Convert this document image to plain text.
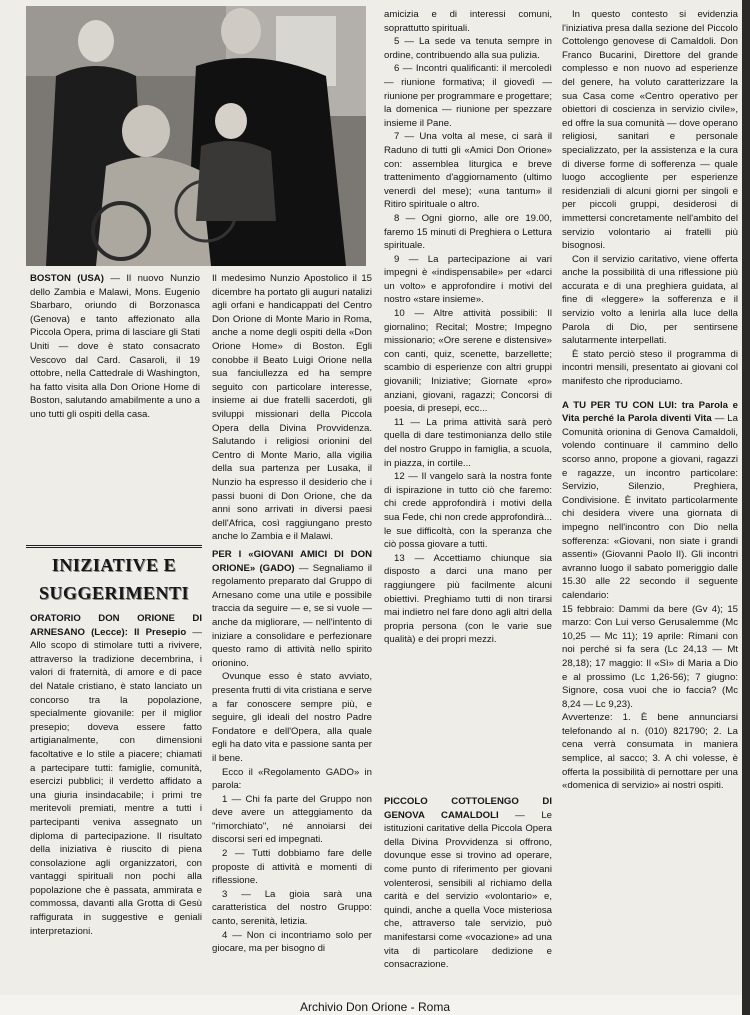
BOSTON (USA) — Il nuovo Nunzio dello Zambia e Malawi, Mons. Eugenio Sbarbaro, oriundo di Borzonasca (Genova) e tanto affezionato alla Piccola Opera, prima di lasciare gli Stati Uniti — dove è stato consacrato Vescovo dal Card. Casaroli, il 19 ottobre, nella Cattedrale di Washington, ha fatto visita alla Don Orione Home di Boston, salutando amabilmente a uno a uno tutti gli ospiti della casa.

Il medesimo Nunzio Apostolico il 15 dicembre ha portato gli auguri natalizi agli orfani e handicappati del Centro Don Orione di Monte Mario in Roma, anche a nome degli ospiti della «Don Orione Home» di Boston. Egli conobbe il Beato Luigi Orione nella sua fanciullezza ed ha sempre seguito con particolare interesse, insieme ai due fratelli sacerdoti, gli sviluppi missionari della Piccola Opera della Divina Provvidenza. Salutando i religiosi orionini del Centro di Monte Mario, alla vigilia della sua partenza per Lusaka, il Nunzio ha espresso il desiderio che i passi buoni di Don Orione, che da anni sono arrivati in diversi paesi dell'Africa, così raggiungano presto anche lo Zambia e il Malawi.

INIZIATIVE E
SUGGERIMENTI

ORATORIO DON ORIONE DI ARNESANO (Lecce): Il Presepio — Allo scopo di stimolare tutti a rivivere, attraverso la tradizione decembrina, i valori di fraternità, di amore e di pace del Natale cristiano, è stato lanciato un concorso tra la popolazione, specialmente giovanile: per il miglior presepio; doveva essere fatto artigianalmente, con dimensioni facoltative e lo stile a piacere; chiamati a partecipare tutti: famiglie, comunità, esercizi pubblici; il verdetto affidato a una giuria insindacabile; i primi tre meritevoli premiati, mentre a tutti i partecipanti veniva assegnato un diploma di partecipazione. Il risultato della iniziativa è riuscito di piena consolazione agli organizzatori, con vantaggi spirituali non pochi alla popolazione che è passata, ammirata e commossa, davanti alla Grotta di Gesù raffigurata in suggestive e geniali interpretazioni.

PER I «GIOVANI AMICI DI DON ORIONE» (GADO) — Segnaliamo il regolamento preparato dal Gruppo di Arnesano come una utile e possibile traccia da seguire — e, se si vuole — anche da migliorare, — nell'intento di iniziare a consolidare e perfezionare questo ramo di attività nello spirito orionino.

Ovunque esso è stato avviato, presenta frutti di vita cristiana e serve a far conoscere sempre più, e seguire, gli ideali del nostro Padre Fondatore e dell'Opera, alla quale egli ha dato vita e passione santa per il bene.

Ecco il «Regolamento GADO» in parola:

1 — Chi fa parte del Gruppo non deve avere un atteggiamento da "rimorchiato", né annoiarsi dei discorsi seri ed impegnati.

2 — Tutti dobbiamo fare delle proposte di attività e momenti di riflessione.

3 — La gioia sarà una caratteristica del nostro Gruppo: canto, serenità, letizia.

4 — Non ci incontriamo solo per giocare, ma per bisogno di

amicizia e di interessi comuni, soprattutto spirituali.

5 — La sede va tenuta sempre in ordine, contribuendo alla sua pulizia.

6 — Incontri qualificanti: il mercoledì — riunione formativa; il giovedì — riunione per programmare e progettare; la domenica — riunione per spezzare insieme il Pane.

7 — Una volta al mese, ci sarà il Raduno di tutti gli «Amici Don Orione» con: assemblea liturgica e breve trattenimento d'aggiornamento (ultimo venerdì del mese); «una tantum» il Ritiro spirituale o altro.

8 — Ogni giorno, alle ore 19.00, faremo 15 minuti di Preghiera o Lettura spirituale.

9 — La partecipazione ai vari impegni è «indispensabile» per «darci un volto» e approfondire i motivi del nostro «stare insieme».

10 — Altre attività possibili: Il giornalino; Recital; Mostre; Impegno missionario; «Ore serene e distensive» con canti, quiz, scenette, barzellette; scambio di esperienze con altri gruppi giovanili; Iniziative; Giornate «pro» anziani, giovani, ragazzi; Concorsi di poesia, di presepi, ecc...

11 — La prima attività sarà però quella di dare testimonianza dello stile del nostro Gruppo in famiglia, a scuola, in piazza, in cortile...

12 — Il vangelo sarà la nostra fonte di ispirazione in tutto ciò che faremo: chi crede approfondirà i motivi della sua Fede, chi non crede approfondirà... le sue difficoltà, con la speranza che ciò possa giovare a tutti.

13 — Accettiamo chiunque sia disposto a darci una mano per raggiungere più facilmente alcuni obiettivi. Preghiamo tutti di non tirarsi mai indietro nel fare dono agli altri della propria persona (con le varie sue qualità) e dei propri mezzi.

PICCOLO COTTOLENGO DI GENOVA CAMALDOLI — Le istituzioni caritative della Piccola Opera della Divina Provvidenza si offrono, dovunque esse si trovino ad operare, come punto di riferimento per giovani volenterosi, sensibili al richiamo della carità e del servizio «volontario» e, quindi, anche a quella Voce misteriosa che, attraverso tale servizio, può manifestarsi come «vocazione» ad una vita di particolare dedizione e consacrazione.

In questo contesto si evidenzia l'iniziativa presa dalla sezione del Piccolo Cottolengo genovese di Camaldoli. Don Franco Bucarini, Direttore del grande complesso e non nuovo ad esperienze del genere, ha voluto caratterizzare la sua Casa come «Centro operativo per obiettori di coscienza in servizio civile», ed offre la sua comunità — dove operano religiosi, sanitari e personale specializzato, per la assistenza e la cura di diverse forme di sofferenza — quale luogo accogliente per esperienze residenziali di alcuni giorni per singoli e per piccoli gruppi, desiderosi di immettersi concretamente nell'ambito del servizio volontario ai fratelli più bisognosi.

Con il servizio caritativo, viene offerta anche la possibilità di una riflessione più accurata e di una preghiera guidata, al fine di «leggere» la sofferenza e il servizio volto a lenirla alla luce della Parola di Dio, per sentirsene salutarmente interpellati.

È stato perciò steso il programma di incontri mensili, presentato ai giovani col manifesto che riproduciamo.

A TU PER TU CON LUI: tra Parola e Vita perché la Parola diventi Vita — La Comunità orionina di Genova Camaldoli, volendo continuare il cammino dello scorso anno, propone a giovani, ragazzi e ragazze, un incontro particolare: Servizio, Silenzio, Preghiera, Condivisione. È invitato particolarmente chi desidera vivere una giornata di impegno nell'incontro con Dio nella sofferenza: «Giovani, non siate i grandi assenti» (Giovanni Paolo II). Gli incontri avranno luogo il sabato pomeriggio dalle 15.30 alle 22 secondo il seguente calendario:

15 febbraio: Dammi da bere (Gv 4); 15 marzo: Con Lui verso Gerusalemme (Mc 10,25 — Mc 11); 19 aprile: Rimani con noi perché si fa sera (Lc 24,13 — Mt 28,18); 17 maggio: Il «Sì» di Maria a Dio e al prossimo (Lc 1,26-56); 7 giugno: Signore, cosa vuoi che io faccia? (Mc 8,24 — Lc 9,23).

Avvertenze: 1. È bene annunciarsi telefonando al n. (010) 821790; 2. La cena verrà consumata in maniera semplice, al sacco; 3. A chi volesse, è offerta la possibilità di pernottare per una «domenica di servizio» ai nostri ospiti.

Archivio Don Orione - Roma
